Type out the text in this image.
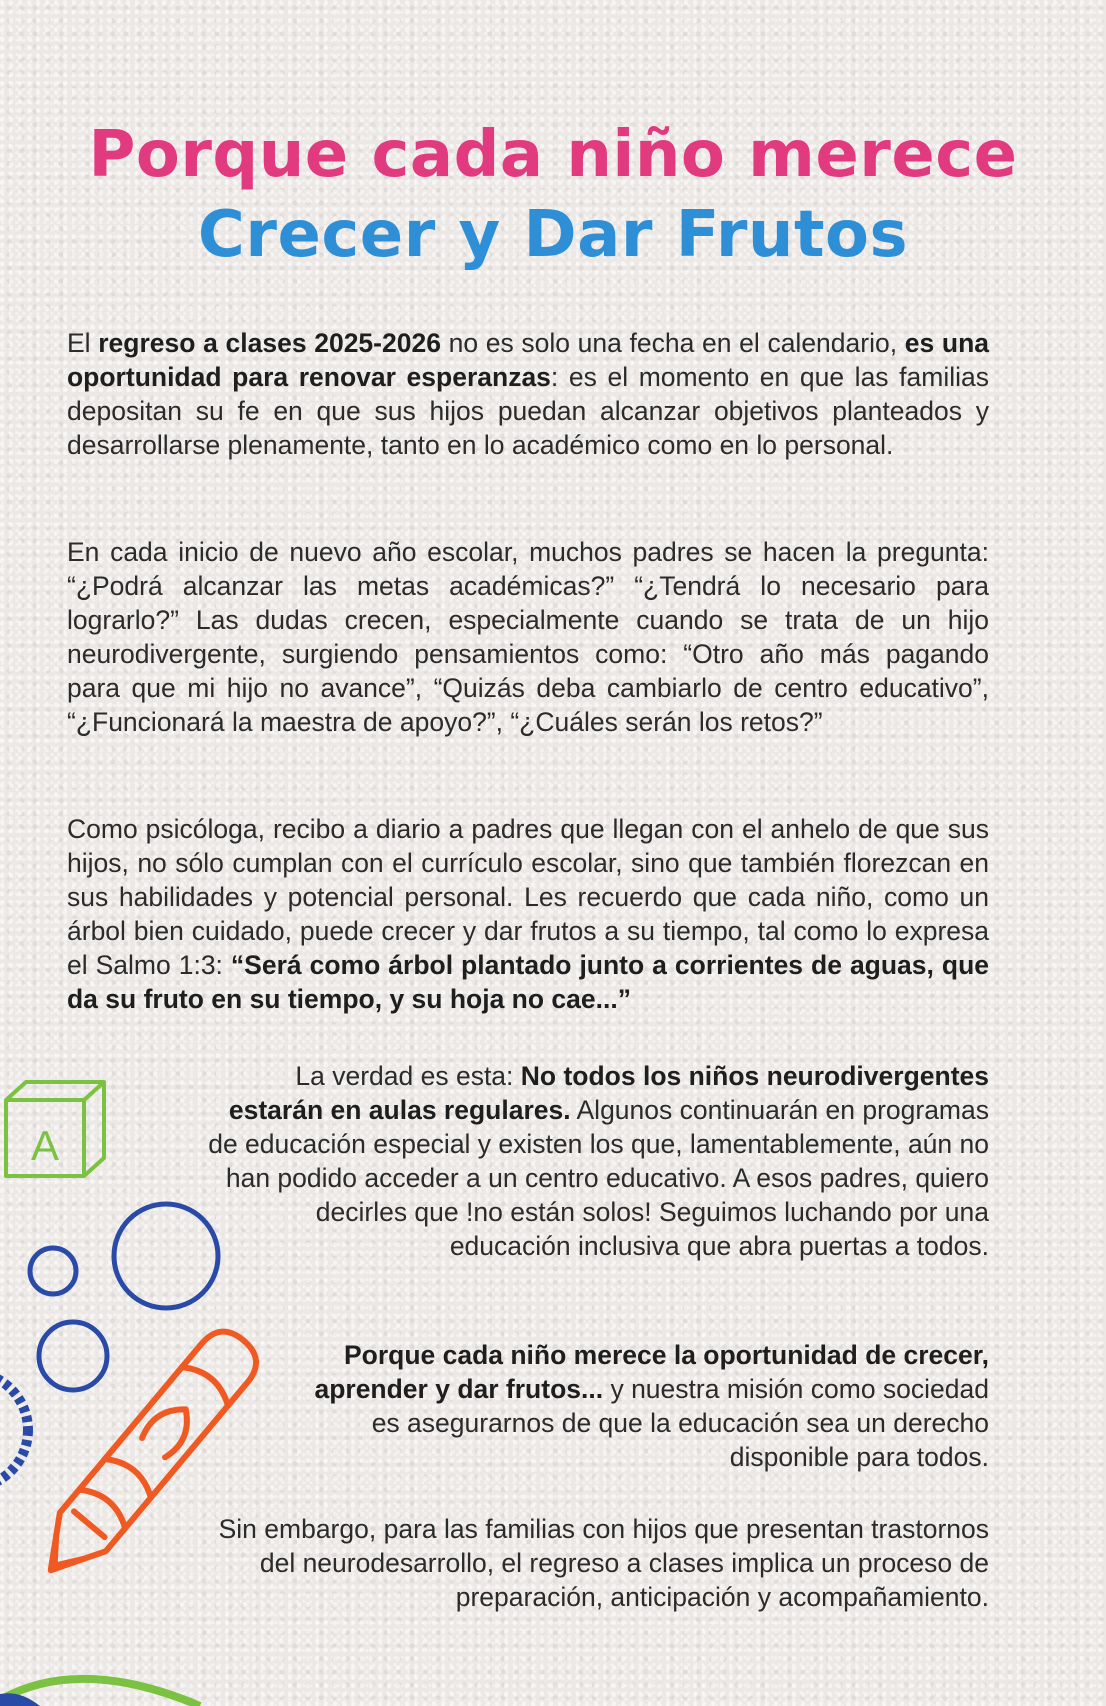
Porque cada niño merece
Crecer y Dar Frutos

El regreso a clases 2025-2026 no es solo una fecha en el calendario, es una oportunidad para renovar esperanzas: es el momento en que las familias depositan su fe en que sus hijos puedan alcanzar objetivos planteados y desarrollarse plenamente, tanto en lo académico como en lo personal.

En cada inicio de nuevo año escolar, muchos padres se hacen la pregunta: “¿Podrá alcanzar las metas académicas?” “¿Tendrá lo necesario para lograrlo?” Las dudas crecen, especialmente cuando se trata de un hijo neurodivergente, surgiendo pensamientos como: “Otro año más pagando para que mi hijo no avance”, “Quizás deba cambiarlo de centro educativo”, “¿Funcionará la maestra de apoyo?”, “¿Cuáles serán los retos?”

Como psicóloga, recibo a diario a padres que llegan con el anhelo de que sus hijos, no sólo cumplan con el currículo escolar, sino que también florezcan en sus habilidades y potencial personal. Les recuerdo que cada niño, como un árbol bien cuidado, puede crecer y dar frutos a su tiempo, tal como lo expresa el Salmo 1:3: “Será como árbol plantado junto a corrientes de aguas, que da su fruto en su tiempo, y su hoja no cae...”

La verdad es esta: No todos los niños neurodivergentes estarán en aulas regulares. Algunos continuarán en programas de educación especial y existen los que, lamentablemente, aún no han podido acceder a un centro educativo. A esos padres, quiero decirles que !no están solos! Seguimos luchando por una educación inclusiva que abra puertas a todos.

Porque cada niño merece la oportunidad de crecer, aprender y dar frutos... y nuestra misión como sociedad es asegurarnos de que la educación sea un derecho disponible para todos.

Sin embargo, para las familias con hijos que presentan trastornos del neurodesarrollo, el regreso a clases implica un proceso de preparación, anticipación y acompañamiento.

A
